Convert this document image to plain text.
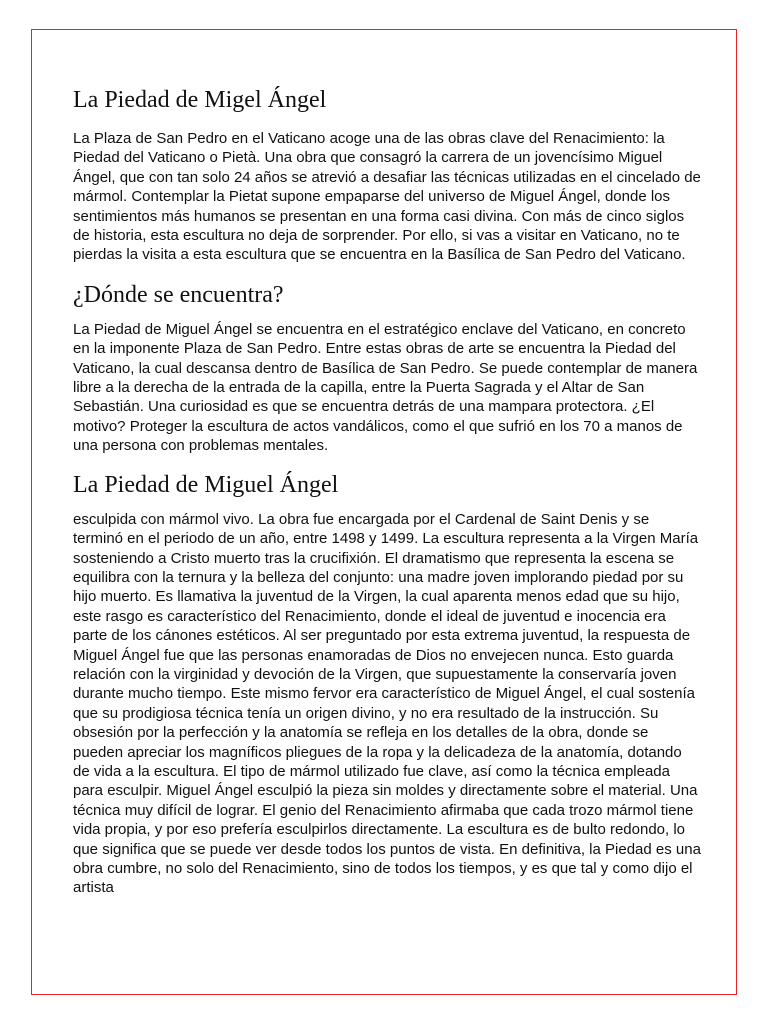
La Piedad de Migel Ángel

La Plaza de San Pedro en el Vaticano acoge una de las obras clave del Renacimiento: la Piedad del Vaticano o Pietà. Una obra que consagró la carrera de un jovencísimo Miguel Ángel, que con tan solo 24 años se atrevió a desafiar las técnicas utilizadas en el cincelado de mármol. Contemplar la Pietat supone empaparse del universo de Miguel Ángel, donde los sentimientos más humanos se presentan en una forma casi divina. Con más de cinco siglos de historia, esta escultura no deja de sorprender. Por ello, si vas a visitar en Vaticano, no te pierdas la visita a esta escultura que se encuentra en la Basílica de San Pedro del Vaticano.

¿Dónde se encuentra?

La Piedad de Miguel Ángel se encuentra en el estratégico enclave del Vaticano, en concreto en la imponente Plaza de San Pedro. Entre estas obras de arte se encuentra la Piedad del Vaticano, la cual descansa dentro de Basílica de San Pedro. Se puede contemplar de manera libre a la derecha de la entrada de la capilla, entre la Puerta Sagrada y el Altar de San Sebastián. Una curiosidad es que se encuentra detrás de una mampara protectora. ¿El motivo? Proteger la escultura de actos vandálicos, como el que sufrió en los 70 a manos de una persona con problemas mentales.

La Piedad de Miguel Ángel

esculpida con mármol vivo. La obra fue encargada por el Cardenal de Saint Denis y se terminó en el periodo de un año, entre 1498 y 1499. La escultura representa a la Virgen María sosteniendo a Cristo muerto tras la crucifixión. El dramatismo que representa la escena se equilibra con la ternura y la belleza del conjunto: una madre joven implorando piedad por su hijo muerto. Es llamativa la juventud de la Virgen, la cual aparenta menos edad que su hijo, este rasgo es característico del Renacimiento, donde el ideal de juventud e inocencia era parte de los cánones estéticos. Al ser preguntado por esta extrema juventud, la respuesta de Miguel Ángel fue que las personas enamoradas de Dios no envejecen nunca. Esto guarda relación con la virginidad y devoción de la Virgen, que supuestamente la conservaría joven durante mucho tiempo. Este mismo fervor era característico de Miguel Ángel, el cual sostenía que su prodigiosa técnica tenía un origen divino, y no era resultado de la instrucción. Su obsesión por la perfección y la anatomía se refleja en los detalles de la obra, donde se pueden apreciar los magníficos pliegues de la ropa y la delicadeza de la anatomía, dotando de vida a la escultura. El tipo de mármol utilizado fue clave, así como la técnica empleada para esculpir. Miguel Ángel esculpió la pieza sin moldes y directamente sobre el material. Una técnica muy difícil de lograr. El genio del Renacimiento afirmaba que cada trozo mármol tiene vida propia, y por eso prefería esculpirlos directamente. La escultura es de bulto redondo, lo que significa que se puede ver desde todos los puntos de vista. En definitiva, la Piedad es una obra cumbre, no solo del Renacimiento, sino de todos los tiempos, y es que tal y como dijo el artista
